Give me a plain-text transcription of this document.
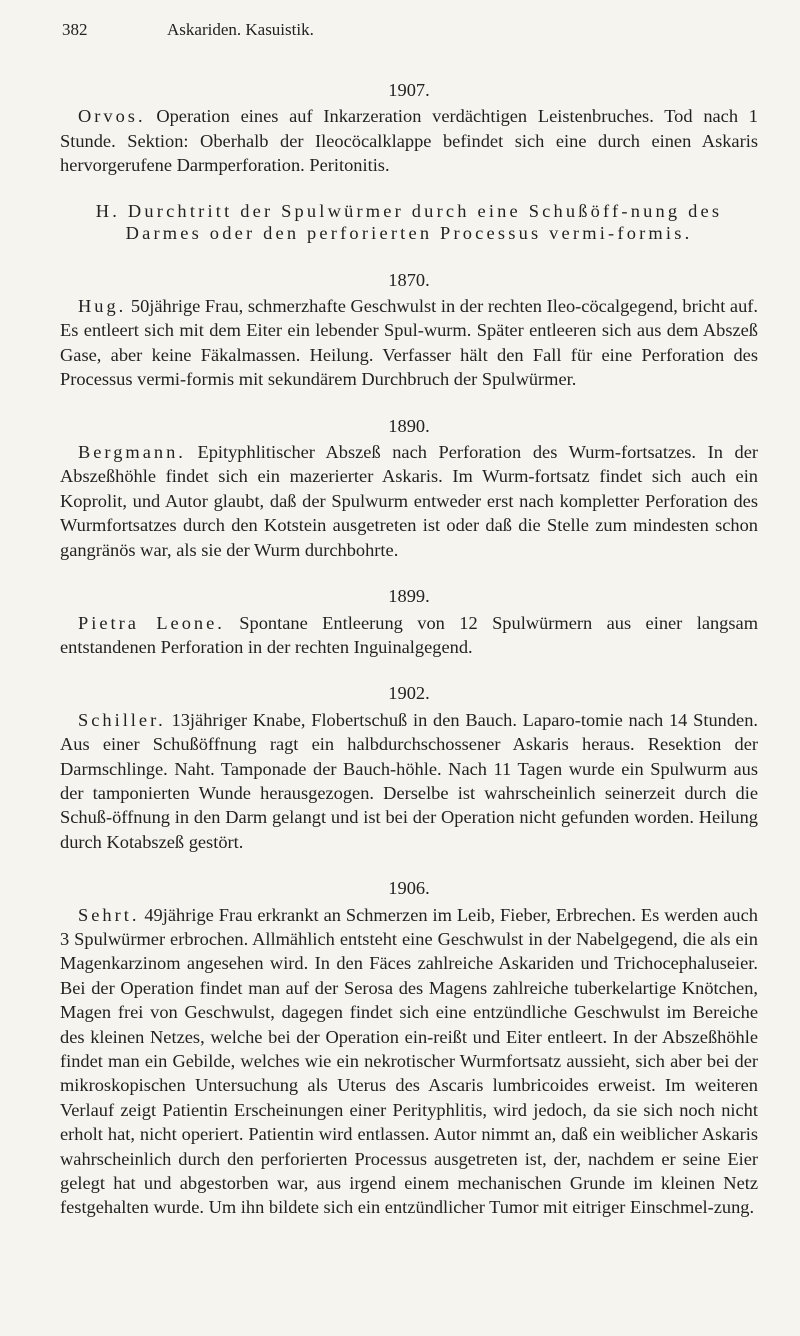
382	Askariden. Kasuistik.
1907.

Orvos. Operation eines auf Inkarzeration verdächtigen Leistenbruches. Tod nach 1 Stunde. Sektion: Oberhalb der Ileocöcalklappe befindet sich eine durch einen Askaris hervorgerufene Darmperforation. Peritonitis.

H. Durchtritt der Spulwürmer durch eine Schußöff-nung des Darmes oder den perforierten Processus vermi-formis.
1870.

Hug. 50jährige Frau, schmerzhafte Geschwulst in der rechten Ileo-cöcalgegend, bricht auf. Es entleert sich mit dem Eiter ein lebender Spul-wurm. Später entleeren sich aus dem Abszeß Gase, aber keine Fäkalmassen. Heilung. Verfasser hält den Fall für eine Perforation des Processus vermi-formis mit sekundärem Durchbruch der Spulwürmer.

1890.

Bergmann. Epityphlitischer Abszeß nach Perforation des Wurm-fortsatzes. In der Abszeßhöhle findet sich ein mazerierter Askaris. Im Wurm-fortsatz findet sich auch ein Koprolit, und Autor glaubt, daß der Spulwurm entweder erst nach kompletter Perforation des Wurmfortsatzes durch den Kotstein ausgetreten ist oder daß die Stelle zum mindesten schon gangränös war, als sie der Wurm durchbohrte.

1899.

Pietra Leone. Spontane Entleerung von 12 Spulwürmern aus einer langsam entstandenen Perforation in der rechten Inguinalgegend.

1902.

Schiller. 13jähriger Knabe, Flobertschuß in den Bauch. Laparo-tomie nach 14 Stunden. Aus einer Schußöffnung ragt ein halbdurchschossener Askaris heraus. Resektion der Darmschlinge. Naht. Tamponade der Bauch-höhle. Nach 11 Tagen wurde ein Spulwurm aus der tamponierten Wunde herausgezogen. Derselbe ist wahrscheinlich seinerzeit durch die Schuß-öffnung in den Darm gelangt und ist bei der Operation nicht gefunden worden. Heilung durch Kotabszeß gestört.

1906.

Sehrt. 49jährige Frau erkrankt an Schmerzen im Leib, Fieber, Erbrechen. Es werden auch 3 Spulwürmer erbrochen. Allmählich entsteht eine Geschwulst in der Nabelgegend, die als ein Magenkarzinom angesehen wird. In den Fäces zahlreiche Askariden und Trichocephaluseier. Bei der Operation findet man auf der Serosa des Magens zahlreiche tuberkelartige Knötchen, Magen frei von Geschwulst, dagegen findet sich eine entzündliche Geschwulst im Bereiche des kleinen Netzes, welche bei der Operation ein-reißt und Eiter entleert. In der Abszeßhöhle findet man ein Gebilde, welches wie ein nekrotischer Wurmfortsatz aussieht, sich aber bei der mikroskopischen Untersuchung als Uterus des Ascaris lumbricoides erweist. Im weiteren Verlauf zeigt Patientin Erscheinungen einer Perityphlitis, wird jedoch, da sie sich noch nicht erholt hat, nicht operiert. Patientin wird entlassen. Autor nimmt an, daß ein weiblicher Askaris wahrscheinlich durch den perforierten Processus ausgetreten ist, der, nachdem er seine Eier gelegt hat und abgestorben war, aus irgend einem mechanischen Grunde im kleinen Netz festgehalten wurde. Um ihn bildete sich ein entzündlicher Tumor mit eitriger Einschmel-zung.
